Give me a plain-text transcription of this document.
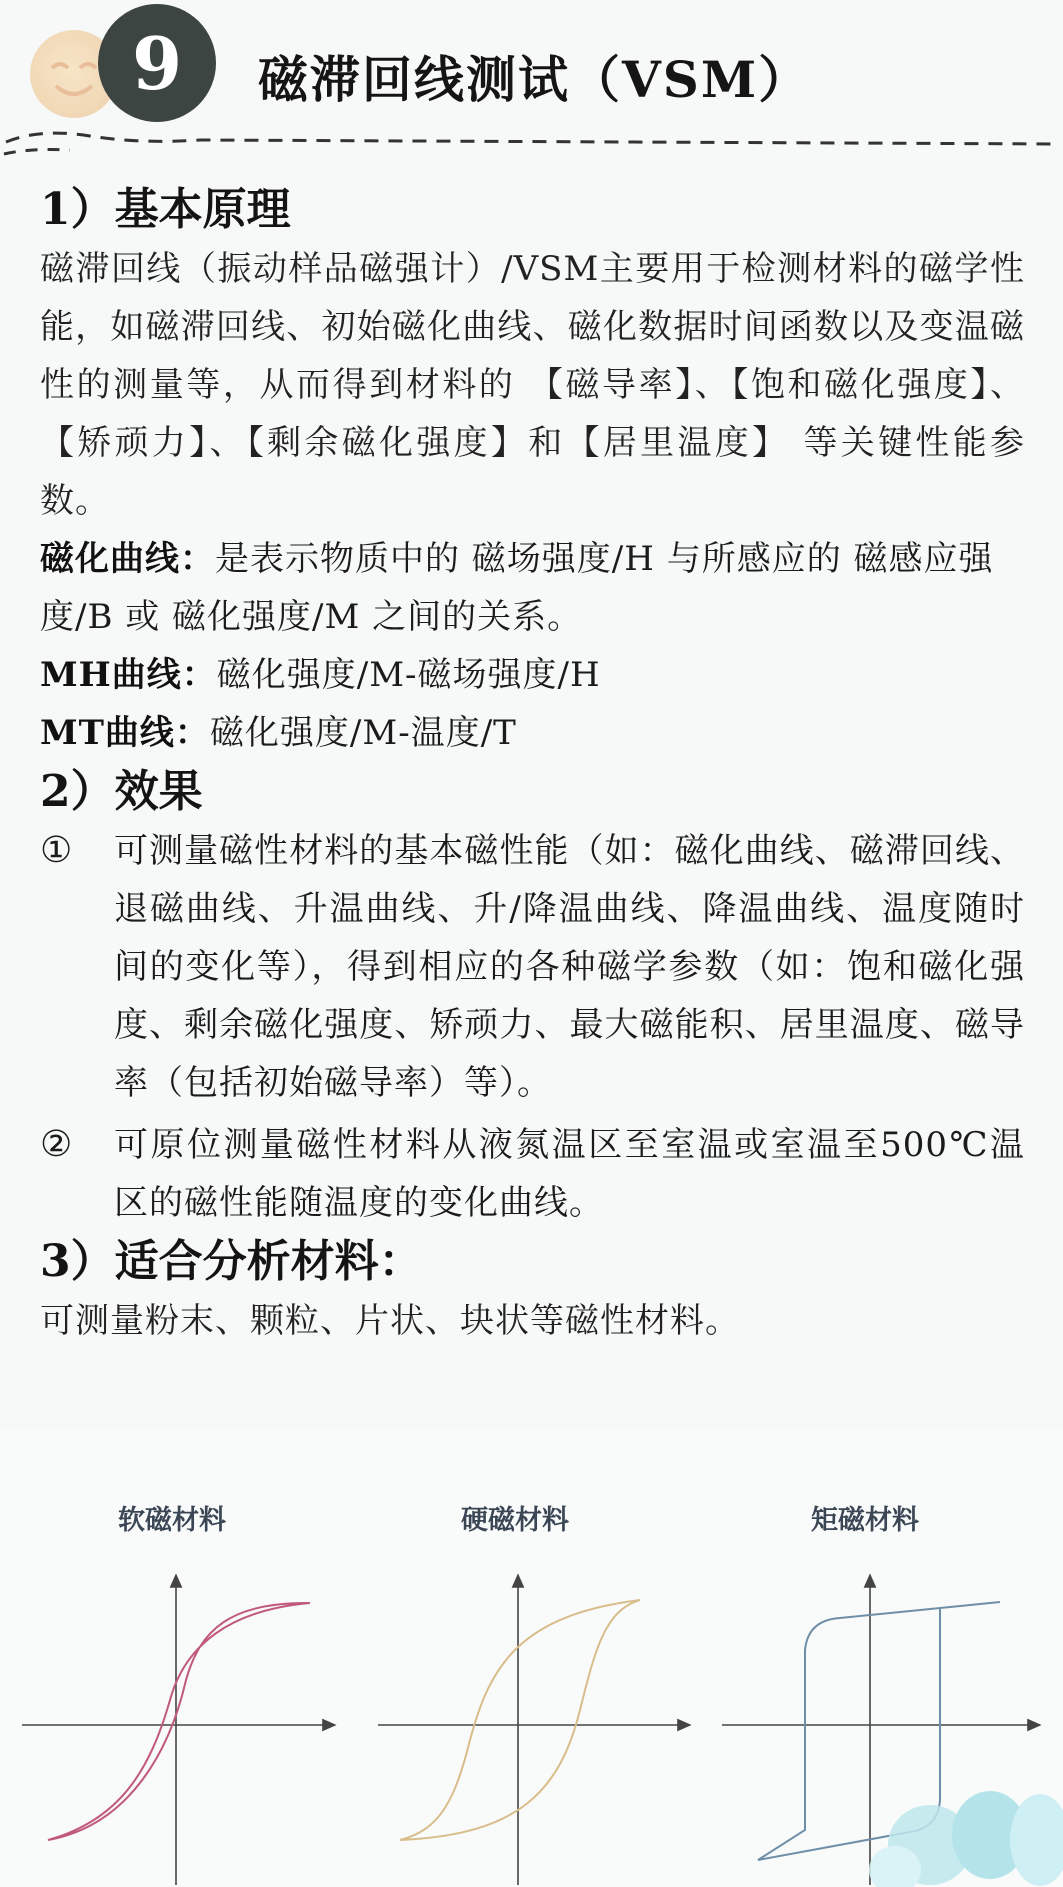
9	磁滞回线测试（VSM）
1）基本原理

磁滞回线（振动样品磁强计）/VSM主要用于检测材料的磁学性能，如磁滞回线、初始磁化曲线、磁化数据时间函数以及变温磁性的测量等，从而得到材料的 【磁导率】、【饱和磁化强度】、【矫顽力】、【剩余磁化强度】和【居里温度】 等关键性能参数。

磁化曲线：是表示物质中的 磁场强度/H 与所感应的 磁感应强度/B 或 磁化强度/M 之间的关系。
MH曲线：磁化强度/M-磁场强度/H
MT曲线：磁化强度/M-温度/T
2）效果
①	可测量磁性材料的基本磁性能（如：磁化曲线、磁滞回线、退磁曲线、升温曲线、升/降温曲线、降温曲线、温度随时间的变化等），得到相应的各种磁学参数（如：饱和磁化强度、剩余磁化强度、矫顽力、最大磁能积、居里温度、磁导率（包括初始磁导率）等）。
②	可原位测量磁性材料从液氮温区至室温或室温至500℃温区的磁性能随温度的变化曲线。
3）适合分析材料：

可测量粉末、颗粒、片状、块状等磁性材料。

软磁材料	硬磁材料	矩磁材料
